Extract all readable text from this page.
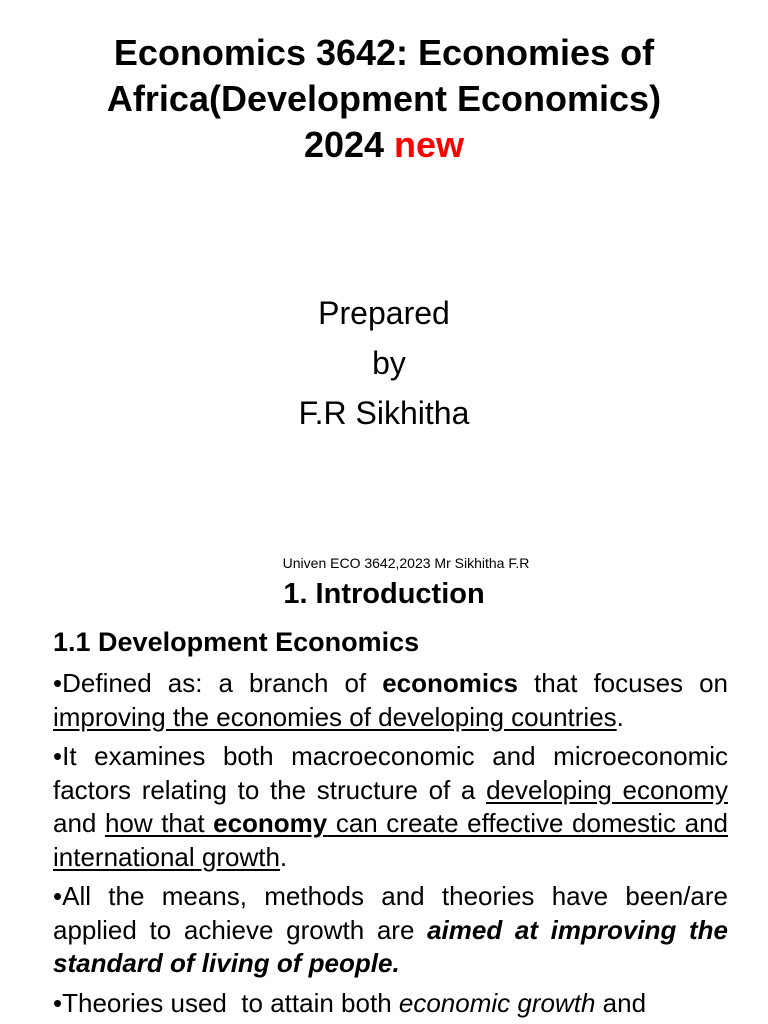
Economics 3642: Economies of
Africa(Development Economics)
2024 new
Prepared
by
F.R Sikhitha
Univen ECO 3642,2023 Mr Sikhitha F.R
1. Introduction
1.1 Development Economics

•Defined as: a branch of economics that focuses on improving the economies of developing countries.

•It examines both macroeconomic and microeconomic factors relating to the structure of a developing economy and how that economy can create effective domestic and international growth.

•All the means, methods and theories have been/are applied to achieve growth are aimed at improving the standard of living of people.

•Theories used  to attain both economic growth and
